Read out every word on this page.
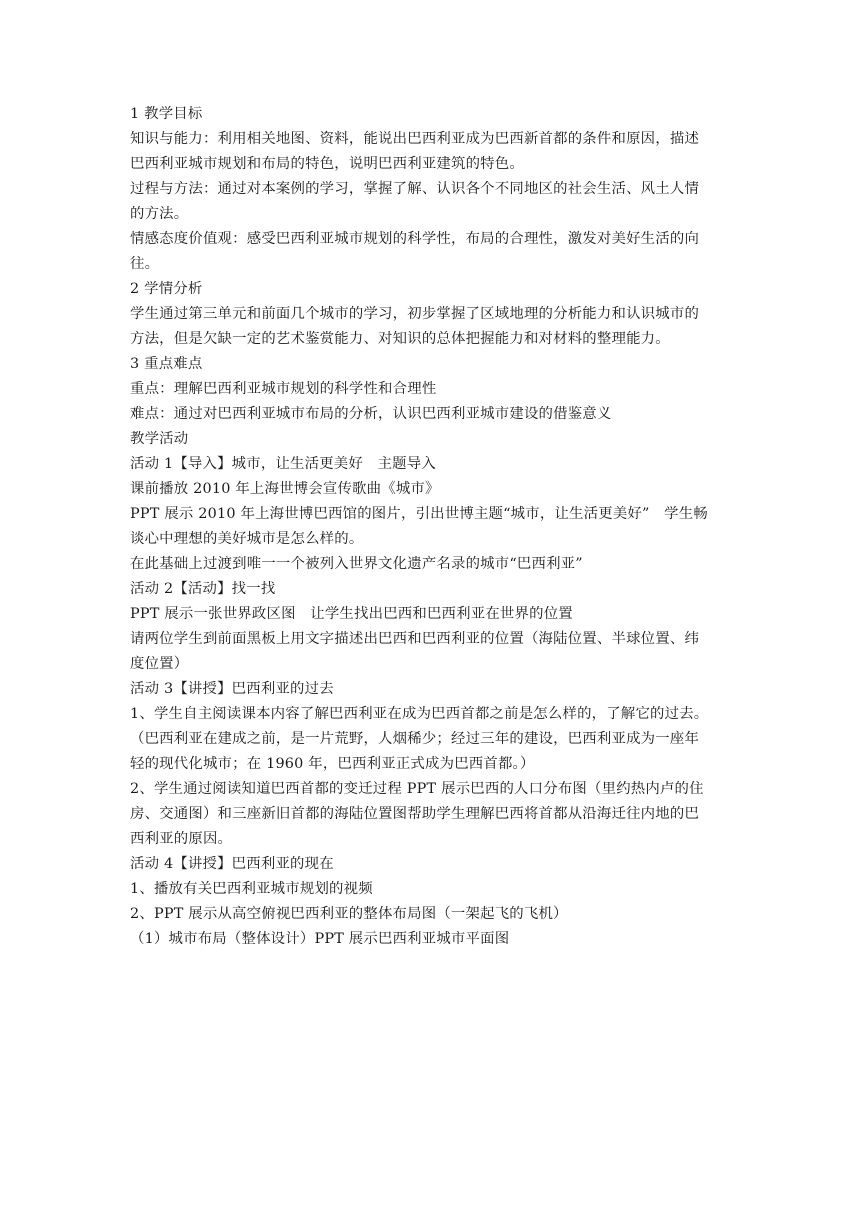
1 教学目标
知识与能力：利用相关地图、资料，能说出巴西利亚成为巴西新首都的条件和原因，描述
巴西利亚城市规划和布局的特色，说明巴西利亚建筑的特色。
过程与方法：通过对本案例的学习，掌握了解、认识各个不同地区的社会生活、风土人情
的方法。
情感态度价值观：感受巴西利亚城市规划的科学性，布局的合理性，激发对美好生活的向
往。
2 学情分析
学生通过第三单元和前面几个城市的学习，初步掌握了区域地理的分析能力和认识城市的
方法，但是欠缺一定的艺术鉴赏能力、对知识的总体把握能力和对材料的整理能力。
3 重点难点
重点：理解巴西利亚城市规划的科学性和合理性
难点：通过对巴西利亚城市布局的分析，认识巴西利亚城市建设的借鉴意义
教学活动
活动 1【导入】城市，让生活更美好　主题导入
课前播放 2010 年上海世博会宣传歌曲《城市》
PPT 展示 2010 年上海世博巴西馆的图片，引出世博主题“城市，让生活更美好”　学生畅
谈心中理想的美好城市是怎么样的。
在此基础上过渡到唯一一个被列入世界文化遗产名录的城市“巴西利亚”
活动 2【活动】找一找
PPT 展示一张世界政区图　让学生找出巴西和巴西利亚在世界的位置
请两位学生到前面黑板上用文字描述出巴西和巴西利亚的位置（海陆位置、半球位置、纬
度位置）
活动 3【讲授】巴西利亚的过去
1、学生自主阅读课本内容了解巴西利亚在成为巴西首都之前是怎么样的，了解它的过去。
（巴西利亚在建成之前，是一片荒野，人烟稀少；经过三年的建设，巴西利亚成为一座年
轻的现代化城市；在 1960 年，巴西利亚正式成为巴西首都。）
2、学生通过阅读知道巴西首都的变迁过程 PPT 展示巴西的人口分布图（里约热内卢的住
房、交通图）和三座新旧首都的海陆位置图帮助学生理解巴西将首都从沿海迁往内地的巴
西利亚的原因。
活动 4【讲授】巴西利亚的现在
1、播放有关巴西利亚城市规划的视频
2、PPT 展示从高空俯视巴西利亚的整体布局图（一架起飞的飞机）
（1）城市布局（整体设计）PPT 展示巴西利亚城市平面图
